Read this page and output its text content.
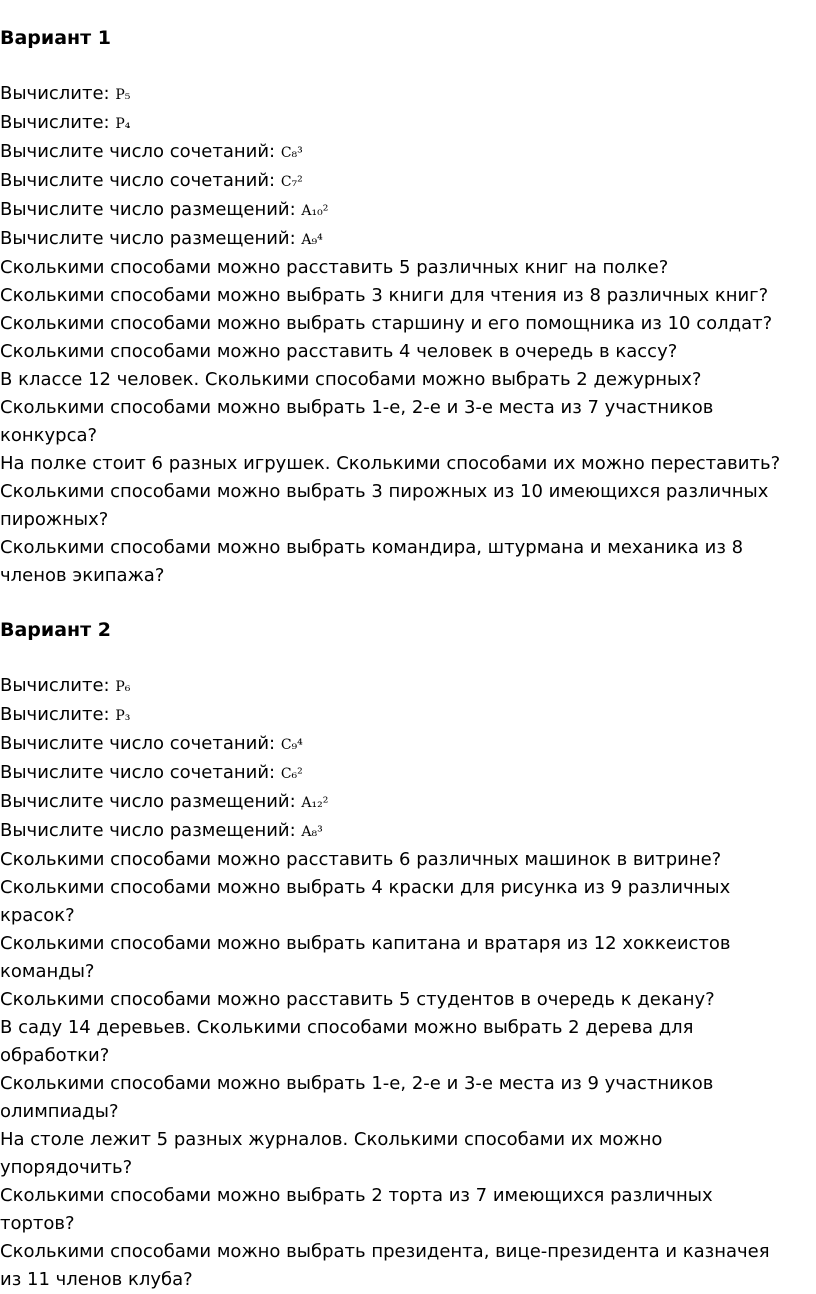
Вариант 1

Вычислите: P₅

Вычислите: P₄

Вычислите число сочетаний: C₈³

Вычислите число сочетаний: C₇²

Вычислите число размещений: A₁₀²

Вычислите число размещений: A₉⁴

Сколькими способами можно расставить 5 различных книг на полке?

Сколькими способами можно выбрать 3 книги для чтения из 8 различных книг?

Сколькими способами можно выбрать старшину и его помощника из 10 солдат?

Сколькими способами можно расставить 4 человек в очередь в кассу?

В классе 12 человек. Сколькими способами можно выбрать 2 дежурных?

Сколькими способами можно выбрать 1-е, 2-е и 3-е места из 7 участников конкурса?

На полке стоит 6 разных игрушек. Сколькими способами их можно переставить?

Сколькими способами можно выбрать 3 пирожных из 10 имеющихся различных пирожных?

Сколькими способами можно выбрать командира, штурмана и механика из 8 членов экипажа?

Вариант 2

Вычислите: P₆

Вычислите: P₃

Вычислите число сочетаний: C₉⁴

Вычислите число сочетаний: C₆²

Вычислите число размещений: A₁₂²

Вычислите число размещений: A₈³

Сколькими способами можно расставить 6 различных машинок в витрине?

Сколькими способами можно выбрать 4 краски для рисунка из 9 различных красок?

Сколькими способами можно выбрать капитана и вратаря из 12 хоккеистов команды?

Сколькими способами можно расставить 5 студентов в очередь к декану?

В саду 14 деревьев. Сколькими способами можно выбрать 2 дерева для обработки?

Сколькими способами можно выбрать 1-е, 2-е и 3-е места из 9 участников олимпиады?

На столе лежит 5 разных журналов. Сколькими способами их можно упорядочить?

Сколькими способами можно выбрать 2 торта из 7 имеющихся различных тортов?

Сколькими способами можно выбрать президента, вице-президента и казначея из 11 членов клуба?
